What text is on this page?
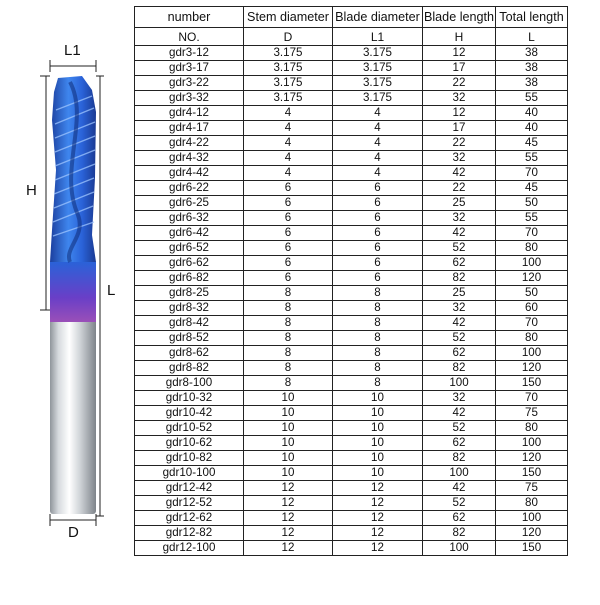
L1
H
L
D
number	Stem diameter	Blade diameter	Blade length	Total length
NO.	D	L1	H	L
gdr3-12	3.175	3.175	12	38
gdr3-17	3.175	3.175	17	38
gdr3-22	3.175	3.175	22	38
gdr3-32	3.175	3.175	32	55
gdr4-12	4	4	12	40
gdr4-17	4	4	17	40
gdr4-22	4	4	22	45
gdr4-32	4	4	32	55
gdr4-42	4	4	42	70
gdr6-22	6	6	22	45
gdr6-25	6	6	25	50
gdr6-32	6	6	32	55
gdr6-42	6	6	42	70
gdr6-52	6	6	52	80
gdr6-62	6	6	62	100
gdr6-82	6	6	82	120
gdr8-25	8	8	25	50
gdr8-32	8	8	32	60
gdr8-42	8	8	42	70
gdr8-52	8	8	52	80
gdr8-62	8	8	62	100
gdr8-82	8	8	82	120
gdr8-100	8	8	100	150
gdr10-32	10	10	32	70
gdr10-42	10	10	42	75
gdr10-52	10	10	52	80
gdr10-62	10	10	62	100
gdr10-82	10	10	82	120
gdr10-100	10	10	100	150
gdr12-42	12	12	42	75
gdr12-52	12	12	52	80
gdr12-62	12	12	62	100
gdr12-82	12	12	82	120
gdr12-100	12	12	100	150
